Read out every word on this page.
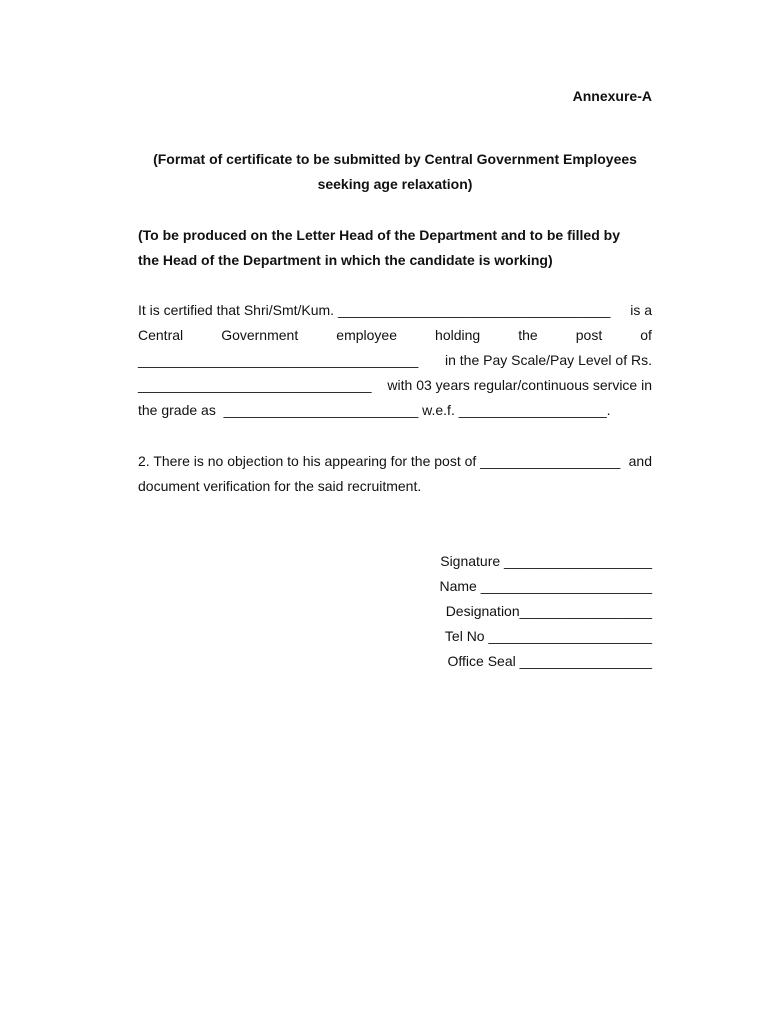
Annexure-A
(Format of certificate to be submitted by Central Government Employees
seeking age relaxation)
(To be produced on the Letter Head of the Department and to be filled by
the Head of the Department in which the candidate is working)
It is certified that Shri/Smt/Kum. ___________________________________ is a
Central	Government	employee	holding	the	post	of
____________________________________ in the Pay Scale/Pay Level of Rs.
______________________________ with 03 years regular/continuous service in
the grade as  _________________________ w.e.f. ___________________.
2. There is no objection to his appearing for the post of __________________ and
document verification for the said recruitment.
Signature ___________________
Name ______________________
Designation_________________
Tel No _____________________
Office Seal _________________
